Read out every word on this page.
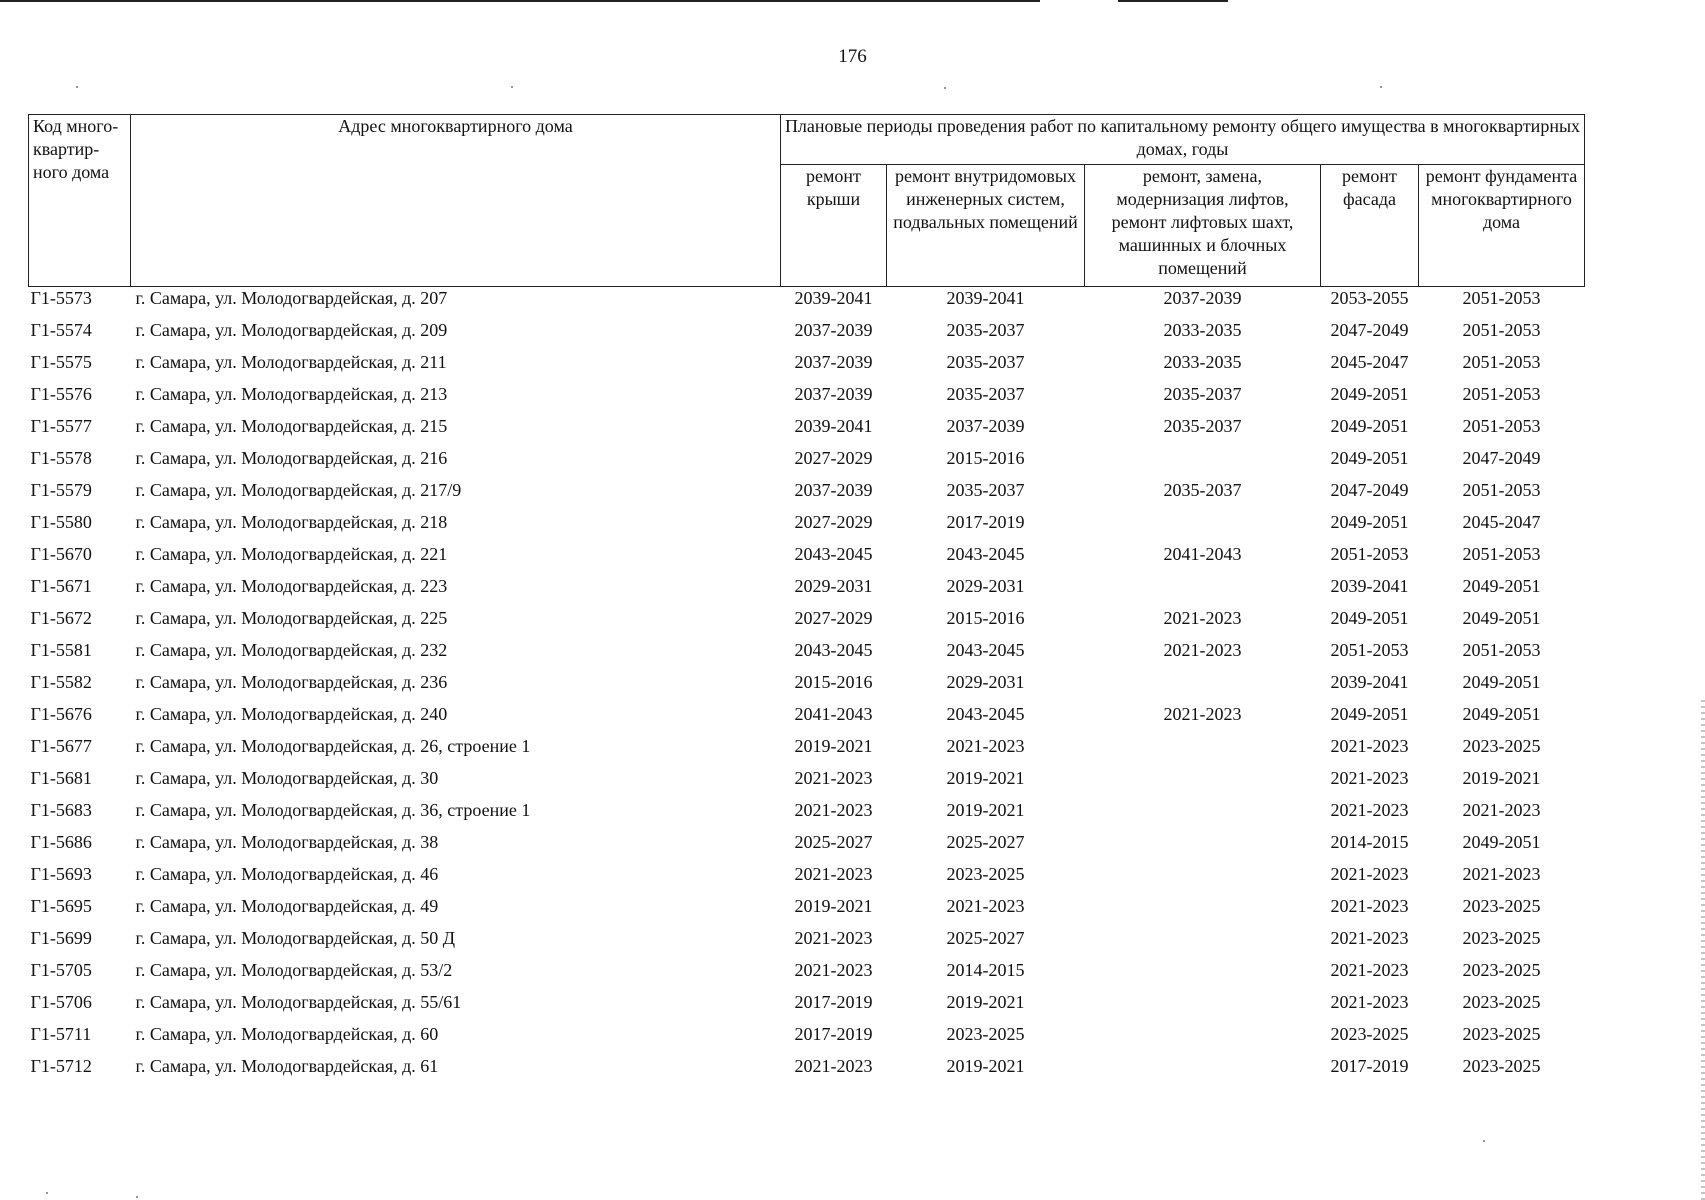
176
Код много-квартир-ного дома	Адрес многоквартирного дома	Плановые периоды проведения работ по капитальному ремонту общего имущества в многоквартирных домах, годы				
		ремонт крыши	ремонт внутридомовых инженерных систем, подвальных помещений	ремонт, замена, модернизация лифтов, ремонт лифтовых шахт, машинных и блочных помещений	ремонт фасада	ремонт фундамента многоквартирного дома
Г1-5573	г. Самара, ул. Молодогвардейская, д. 207	2039-2041	2039-2041	2037-2039	2053-2055	2051-2053
Г1-5574	г. Самара, ул. Молодогвардейская, д. 209	2037-2039	2035-2037	2033-2035	2047-2049	2051-2053
Г1-5575	г. Самара, ул. Молодогвардейская, д. 211	2037-2039	2035-2037	2033-2035	2045-2047	2051-2053
Г1-5576	г. Самара, ул. Молодогвардейская, д. 213	2037-2039	2035-2037	2035-2037	2049-2051	2051-2053
Г1-5577	г. Самара, ул. Молодогвардейская, д. 215	2039-2041	2037-2039	2035-2037	2049-2051	2051-2053
Г1-5578	г. Самара, ул. Молодогвардейская, д. 216	2027-2029	2015-2016		2049-2051	2047-2049
Г1-5579	г. Самара, ул. Молодогвардейская, д. 217/9	2037-2039	2035-2037	2035-2037	2047-2049	2051-2053
Г1-5580	г. Самара, ул. Молодогвардейская, д. 218	2027-2029	2017-2019		2049-2051	2045-2047
Г1-5670	г. Самара, ул. Молодогвардейская, д. 221	2043-2045	2043-2045	2041-2043	2051-2053	2051-2053
Г1-5671	г. Самара, ул. Молодогвардейская, д. 223	2029-2031	2029-2031		2039-2041	2049-2051
Г1-5672	г. Самара, ул. Молодогвардейская, д. 225	2027-2029	2015-2016	2021-2023	2049-2051	2049-2051
Г1-5581	г. Самара, ул. Молодогвардейская, д. 232	2043-2045	2043-2045	2021-2023	2051-2053	2051-2053
Г1-5582	г. Самара, ул. Молодогвардейская, д. 236	2015-2016	2029-2031		2039-2041	2049-2051
Г1-5676	г. Самара, ул. Молодогвардейская, д. 240	2041-2043	2043-2045	2021-2023	2049-2051	2049-2051
Г1-5677	г. Самара, ул. Молодогвардейская, д. 26, строение 1	2019-2021	2021-2023		2021-2023	2023-2025
Г1-5681	г. Самара, ул. Молодогвардейская, д. 30	2021-2023	2019-2021		2021-2023	2019-2021
Г1-5683	г. Самара, ул. Молодогвардейская, д. 36, строение 1	2021-2023	2019-2021		2021-2023	2021-2023
Г1-5686	г. Самара, ул. Молодогвардейская, д. 38	2025-2027	2025-2027		2014-2015	2049-2051
Г1-5693	г. Самара, ул. Молодогвардейская, д. 46	2021-2023	2023-2025		2021-2023	2021-2023
Г1-5695	г. Самара, ул. Молодогвардейская, д. 49	2019-2021	2021-2023		2021-2023	2023-2025
Г1-5699	г. Самара, ул. Молодогвардейская, д. 50 Д	2021-2023	2025-2027		2021-2023	2023-2025
Г1-5705	г. Самара, ул. Молодогвардейская, д. 53/2	2021-2023	2014-2015		2021-2023	2023-2025
Г1-5706	г. Самара, ул. Молодогвардейская, д. 55/61	2017-2019	2019-2021		2021-2023	2023-2025
Г1-5711	г. Самара, ул. Молодогвардейская, д. 60	2017-2019	2023-2025		2023-2025	2023-2025
Г1-5712	г. Самара, ул. Молодогвардейская, д. 61	2021-2023	2019-2021		2017-2019	2023-2025
